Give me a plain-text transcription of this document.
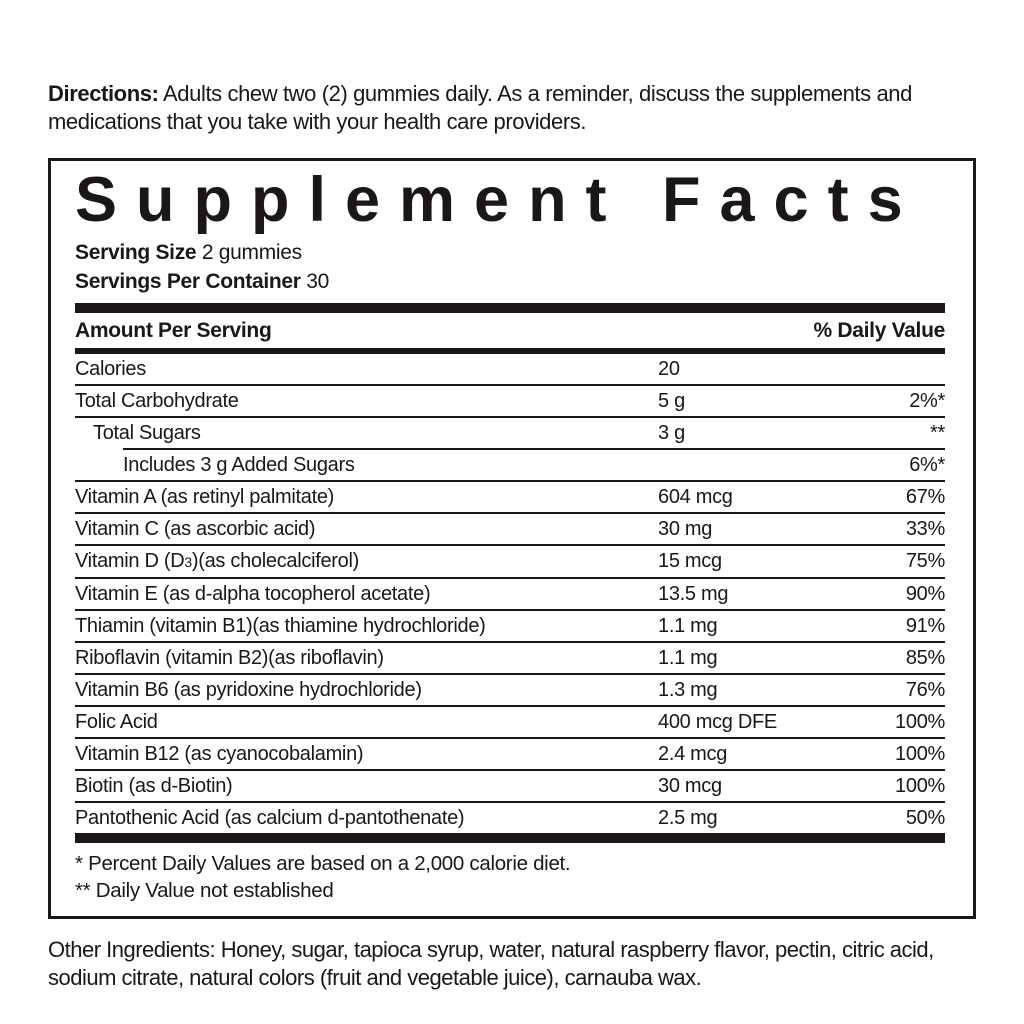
Directions: Adults chew two (2) gummies daily. As a reminder, discuss the supplements and medications that you take with your health care providers.

Supplement Facts
Serving Size 2 gummies
Servings Per Container 30
Amount Per Serving	% Daily Value
Calories	20
Total Carbohydrate	5 g	2%*
Total Sugars	3 g	**
Includes 3 g Added Sugars	6%*
Vitamin A (as retinyl palmitate)	604 mcg	67%
Vitamin C (as ascorbic acid)	30 mg	33%
Vitamin D (D3)(as cholecalciferol)	15 mcg	75%
Vitamin E (as d-alpha tocopherol acetate)	13.5 mg	90%
Thiamin (vitamin B1)(as thiamine hydrochloride)	1.1 mg	91%
Riboflavin (vitamin B2)(as riboflavin)	1.1 mg	85%
Vitamin B6 (as pyridoxine hydrochloride)	1.3 mg	76%
Folic Acid	400 mcg DFE	100%
Vitamin B12 (as cyanocobalamin)	2.4 mcg	100%
Biotin (as d-Biotin)	30 mcg	100%
Pantothenic Acid (as calcium d-pantothenate)	2.5 mg	50%
* Percent Daily Values are based on a 2,000 calorie diet.
** Daily Value not established

Other Ingredients: Honey, sugar, tapioca syrup, water, natural raspberry flavor, pectin, citric acid, sodium citrate, natural colors (fruit and vegetable juice), carnauba wax.
